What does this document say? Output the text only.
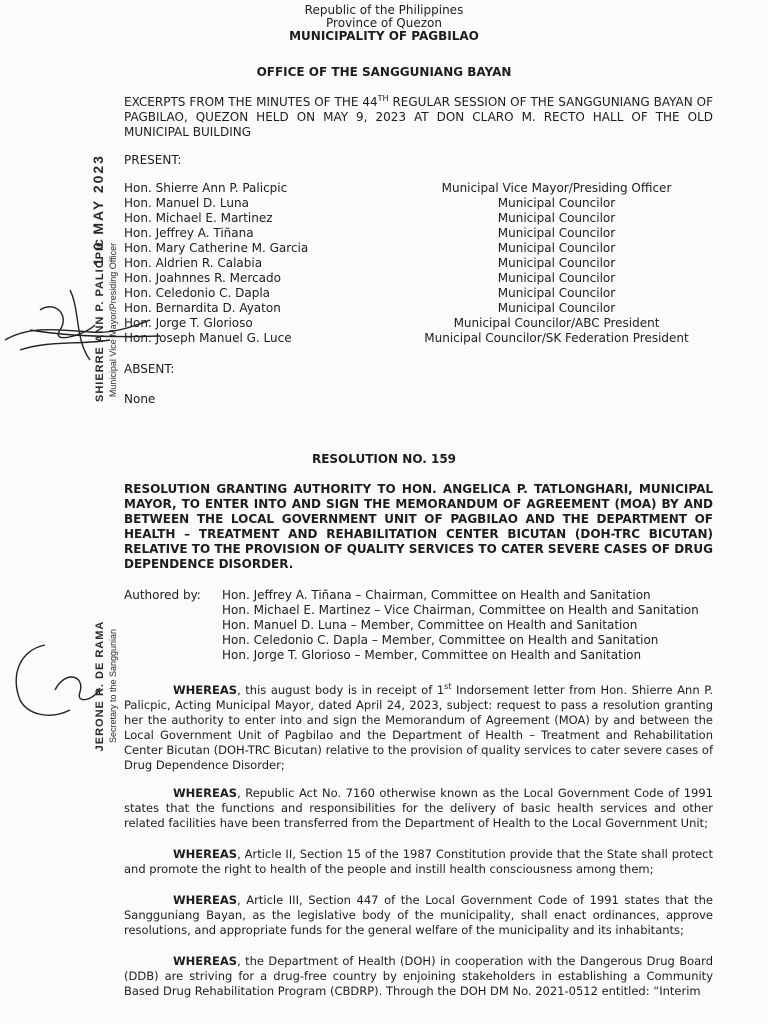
Republic of the Philippines
Province of Quezon
MUNICIPALITY OF PAGBILAO
OFFICE OF THE SANGGUNIANG BAYAN
EXCERPTS FROM THE MINUTES OF THE 44TH REGULAR SESSION OF THE SANGGUNIANG BAYAN OF PAGBILAO, QUEZON HELD ON MAY 9, 2023 AT DON CLARO M. RECTO HALL OF THE OLD MUNICIPAL BUILDING
PRESENT:
Hon. Shierre Ann P. Palicpic	Municipal Vice Mayor/Presiding Officer
Hon. Manuel D. Luna	Municipal Councilor
Hon. Michael E. Martinez	Municipal Councilor
Hon. Jeffrey A. Tiñana	Municipal Councilor
Hon. Mary Catherine M. Garcia	Municipal Councilor
Hon. Aldrien R. Calabia	Municipal Councilor
Hon. Joahnnes R. Mercado	Municipal Councilor
Hon. Celedonio C. Dapla	Municipal Councilor
Hon. Bernardita D. Ayaton	Municipal Councilor
Hon. Jorge T. Glorioso	Municipal Councilor/ABC President
Hon. Joseph Manuel G. Luce	Municipal Councilor/SK Federation President
ABSENT:
None
RESOLUTION NO. 159
RESOLUTION GRANTING AUTHORITY TO HON. ANGELICA P. TATLONGHARI, MUNICIPAL MAYOR, TO ENTER INTO AND SIGN THE MEMORANDUM OF AGREEMENT (MOA) BY AND BETWEEN THE LOCAL GOVERNMENT UNIT OF PAGBILAO AND THE DEPARTMENT OF HEALTH – TREATMENT AND REHABILITATION CENTER BICUTAN (DOH-TRC BICUTAN) RELATIVE TO THE PROVISION OF QUALITY SERVICES TO CATER SEVERE CASES OF DRUG DEPENDENCE DISORDER.
Authored by: Hon. Jeffrey A. Tiñana – Chairman, Committee on Health and Sanitation
Hon. Michael E. Martinez – Vice Chairman, Committee on Health and Sanitation
Hon. Manuel D. Luna – Member, Committee on Health and Sanitation
Hon. Celedonio C. Dapla – Member, Committee on Health and Sanitation
Hon. Jorge T. Glorioso – Member, Committee on Health and Sanitation
WHEREAS, this august body is in receipt of 1st Indorsement letter from Hon. Shierre Ann P. Palicpic, Acting Municipal Mayor, dated April 24, 2023, subject: request to pass a resolution granting her the authority to enter into and sign the Memorandum of Agreement (MOA) by and between the Local Government Unit of Pagbilao and the Department of Health – Treatment and Rehabilitation Center Bicutan (DOH-TRC Bicutan) relative to the provision of quality services to cater severe cases of Drug Dependence Disorder;
WHEREAS, Republic Act No. 7160 otherwise known as the Local Government Code of 1991 states that the functions and responsibilities for the delivery of basic health services and other related facilities have been transferred from the Department of Health to the Local Government Unit;
WHEREAS, Article II, Section 15 of the 1987 Constitution provide that the State shall protect and promote the right to health of the people and instill health consciousness among them;
WHEREAS, Article III, Section 447 of the Local Government Code of 1991 states that the Sangguniang Bayan, as the legislative body of the municipality, shall enact ordinances, approve resolutions, and appropriate funds for the general welfare of the municipality and its inhabitants;
WHEREAS, the Department of Health (DOH) in cooperation with the Dangerous Drug Board (DDB) are striving for a drug-free country by enjoining stakeholders in establishing a Community Based Drug Rehabilitation Program (CBDRP). Through the DOH DM No. 2021-0512 entitled: “Interim
1 0 MAY 2023
SHIERRE ANN P. PALICPIC Municipal Vice Mayor/Presiding Officer
JERONE R. DE RAMA Secretary to the Sanggunian
